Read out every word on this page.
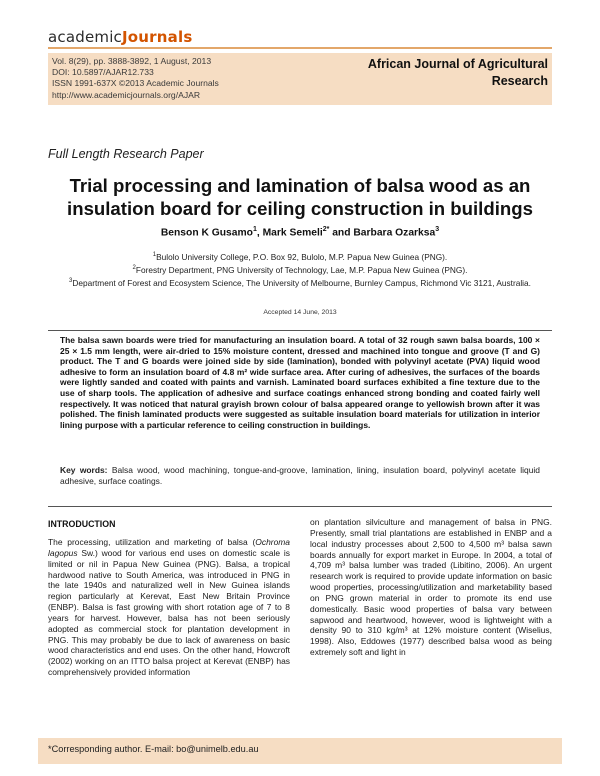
academicJournals
Vol. 8(29), pp. 3888-3892, 1 August, 2013
DOI: 10.5897/AJAR12.733
ISSN 1991-637X ©2013 Academic Journals
http://www.academicjournals.org/AJAR
African Journal of Agricultural Research
Full Length Research Paper
Trial processing and lamination of balsa wood as an insulation board for ceiling construction in buildings
Benson K Gusamo$^1$, Mark Semeli$^{2*}$ and Barbara Ozarksa$^3$
$^1$Bulolo University College, P.O. Box 92, Bulolo, M.P. Papua New Guinea (PNG).
$^2$Forestry Department, PNG University of Technology, Lae, M.P. Papua New Guinea (PNG).
$^3$Department of Forest and Ecosystem Science, The University of Melbourne, Burnley Campus, Richmond Vic 3121, Australia.
Accepted 14 June, 2013
The balsa sawn boards were tried for manufacturing an insulation board. A total of 32 rough sawn balsa boards, 100 × 25 × 1.5 mm length, were air-dried to 15% moisture content, dressed and machined into tongue and groove (T and G) product. The T and G boards were joined side by side (lamination), bonded with polyvinyl acetate (PVA) liquid wood adhesive to form an insulation board of 4.8 m² wide surface area. After curing of adhesives, the surfaces of the boards were lightly sanded and coated with paints and varnish. Laminated board surfaces exhibited a fine texture due to the use of sharp tools. The application of adhesive and surface coatings enhanced strong bonding and coated fairly well respectively. It was noticed that natural grayish brown colour of balsa appeared orange to yellowish brown after it was polished. The finish laminated products were suggested as suitable insulation board materials for utilization in interior lining purpose with a particular reference to ceiling construction in buildings.
Key words: Balsa wood, wood machining, tongue-and-groove, lamination, lining, insulation board, polyvinyl acetate liquid adhesive, surface coatings.
INTRODUCTION
The processing, utilization and marketing of balsa (Ochroma lagopus Sw.) wood for various end uses on domestic scale is limited or nil in Papua New Guinea (PNG). Balsa, a tropical hardwood native to South America, was introduced in PNG in the late 1940s and naturalized well in New Guinea islands region particularly at Kerevat, East New Britain Province (ENBP). Balsa is fast growing with short rotation age of 7 to 8 years for harvest. However, balsa has not been seriously adopted as commercial stock for plantation development in PNG. This may probably be due to lack of awareness on basic wood characteristics and end uses. On the other hand, Howcroft (2002) working on an ITTO balsa project at Kerevat (ENBP) has comprehensively provided information
on plantation silviculture and management of balsa in PNG. Presently, small trial plantations are established in ENBP and a local industry processes about 2,500 to 4,500 m³ balsa sawn boards annually for export market in Europe. In 2004, a total of 4,709 m³ balsa lumber was traded (Libitino, 2006). An urgent research work is required to provide update information on basic wood properties, processing/utilization and marketability based on PNG grown material in order to promote its end use domestically. Basic wood properties of balsa vary between sapwood and heartwood, however, wood is lightweight with a density 90 to 310 kg/m³ at 12% moisture content (Wiselius, 1998). Also, Eddowes (1977) described balsa wood as being extremely soft and light in
*Corresponding author. E-mail: bo@unimelb.edu.au
